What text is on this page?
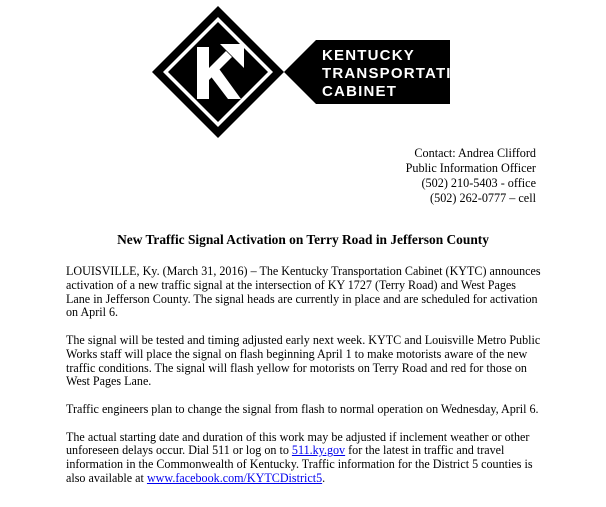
KENTUCKY
TRANSPORTATION
CABINET
Contact: Andrea Clifford
Public Information Officer
(502) 210-5403 - office
(502) 262-0777 – cell
New Traffic Signal Activation on Terry Road in Jefferson County

LOUISVILLE, Ky. (March 31, 2016) – The Kentucky Transportation Cabinet (KYTC) announces activation of a new traffic signal at the intersection of KY 1727 (Terry Road) and West Pages Lane in Jefferson County. The signal heads are currently in place and are scheduled for activation on April 6.

The signal will be tested and timing adjusted early next week. KYTC and Louisville Metro Public Works staff will place the signal on flash beginning April 1 to make motorists aware of the new traffic conditions. The signal will flash yellow for motorists on Terry Road and red for those on West Pages Lane.

Traffic engineers plan to change the signal from flash to normal operation on Wednesday, April 6.

The actual starting date and duration of this work may be adjusted if inclement weather or other unforeseen delays occur. Dial 511 or log on to 511.ky.gov for the latest in traffic and travel information in the Commonwealth of Kentucky. Traffic information for the District 5 counties is also available at www.facebook.com/KYTCDistrict5.
